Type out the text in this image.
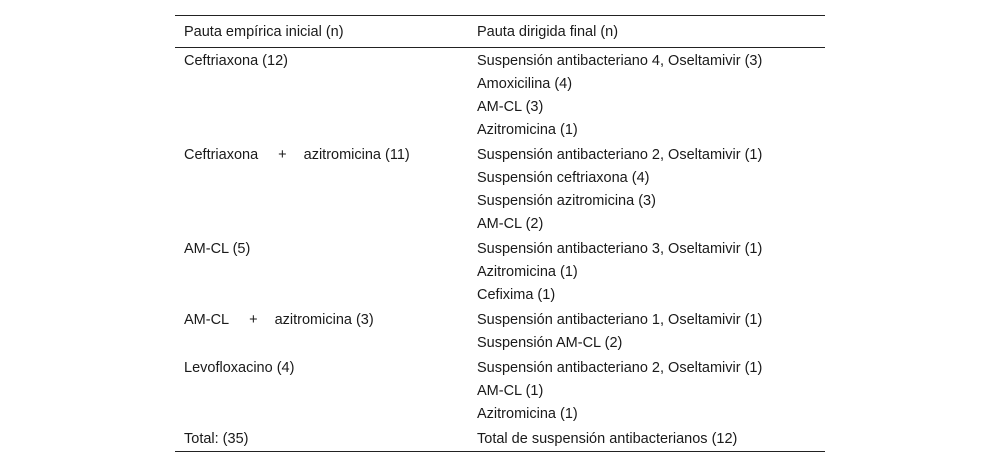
Pauta empírica inicial (n)	Pauta dirigida final (n)
Ceftriaxona (12)	Suspensión antibacteriano 4, Oseltamivir (3)
Amoxicilina (4)
AM-CL (3)
Azitromicina (1)
Ceftriaxona + azitromicina (11)	Suspensión antibacteriano 2, Oseltamivir (1)
Suspensión ceftriaxona (4)
Suspensión azitromicina (3)
AM-CL (2)
AM-CL (5)	Suspensión antibacteriano 3, Oseltamivir (1)
Azitromicina (1)
Cefixima (1)
AM-CL + azitromicina (3)	Suspensión antibacteriano 1, Oseltamivir (1)
Suspensión AM-CL (2)
Levofloxacino (4)	Suspensión antibacteriano 2, Oseltamivir (1)
AM-CL (1)
Azitromicina (1)
Total: (35)	Total de suspensión antibacterianos (12)
